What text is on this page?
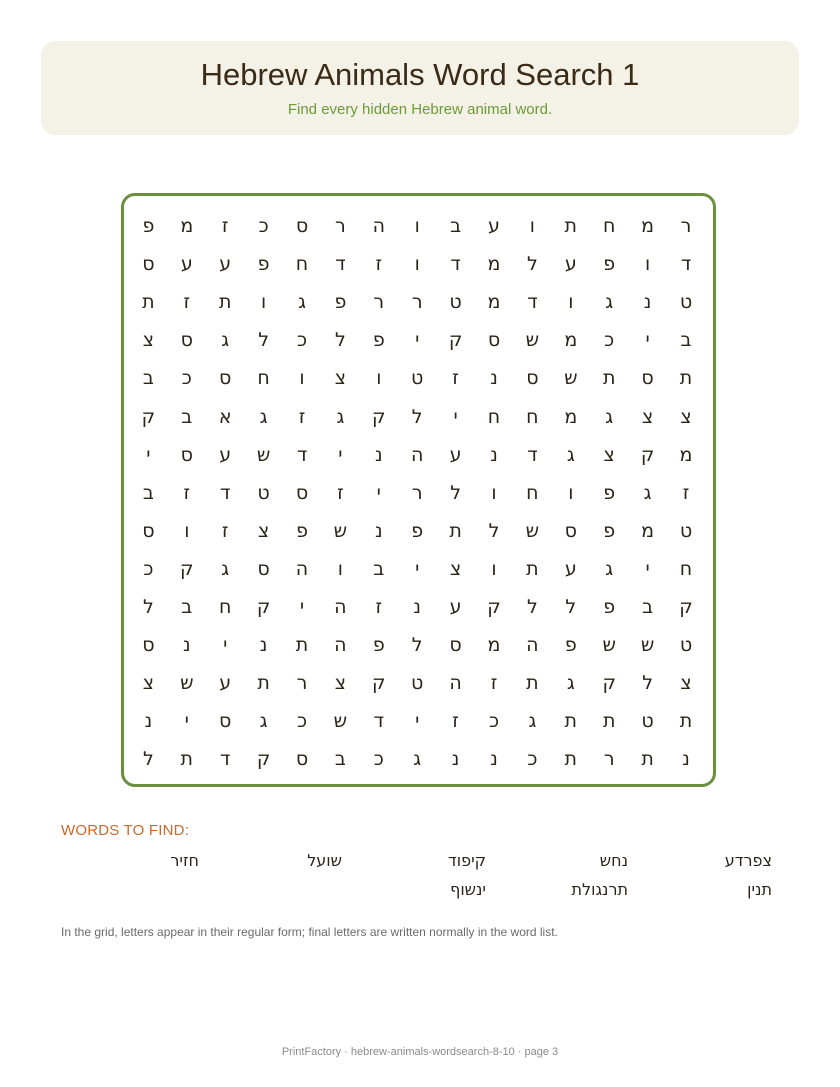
Hebrew Animals Word Search 1
Find every hidden Hebrew animal word.
ר
מ
ח
ת
ו
ע
ב
ו
ה
ר
ס
כ
ז
מ
פ
ד
ו
פ
ע
ל
מ
ד
ו
ז
ד
ח
פ
ע
ע
ס
ט
נ
ג
ו
ד
מ
ט
ר
ר
פ
ג
ו
ת
ז
ת
ב
י
כ
מ
ש
ס
ק
י
פ
ל
כ
ל
ג
ס
צ
ת
ס
ת
ש
ס
נ
ז
ט
ו
צ
ו
ח
ס
כ
ב
צ
צ
ג
מ
ח
ח
י
ל
ק
ג
ז
ג
א
ב
ק
מ
ק
צ
ג
ד
נ
ע
ה
נ
י
ד
ש
ע
ס
י
ז
ג
פ
ו
ח
ו
ל
ר
י
ז
ס
ט
ד
ז
ב
ט
מ
פ
ס
ש
ל
ת
פ
נ
ש
פ
צ
ז
ו
ס
ח
י
ג
ע
ת
ו
צ
י
ב
ו
ה
ס
ג
ק
כ
ק
ב
פ
ל
ל
ק
ע
נ
ז
ה
י
ק
ח
ב
ל
ט
ש
ש
פ
ה
מ
ס
ל
פ
ה
ת
נ
י
נ
ס
צ
ל
ק
ג
ת
ז
ה
ט
ק
צ
ר
ת
ע
ש
צ
ת
ט
ת
ת
ג
כ
ז
י
ד
ש
כ
ג
ס
י
נ
נ
ת
ר
ת
כ
נ
נ
ג
כ
ב
ס
ק
ד
ת
ל
WORDS TO FIND:
צפרדע
נחש
קיפוד
שועל
חזיר
תנין
תרנגולת
ינשוף
In the grid, letters appear in their regular form; final letters are written normally in the word list.
PrintFactory · hebrew-animals-wordsearch-8-10 · page 3
